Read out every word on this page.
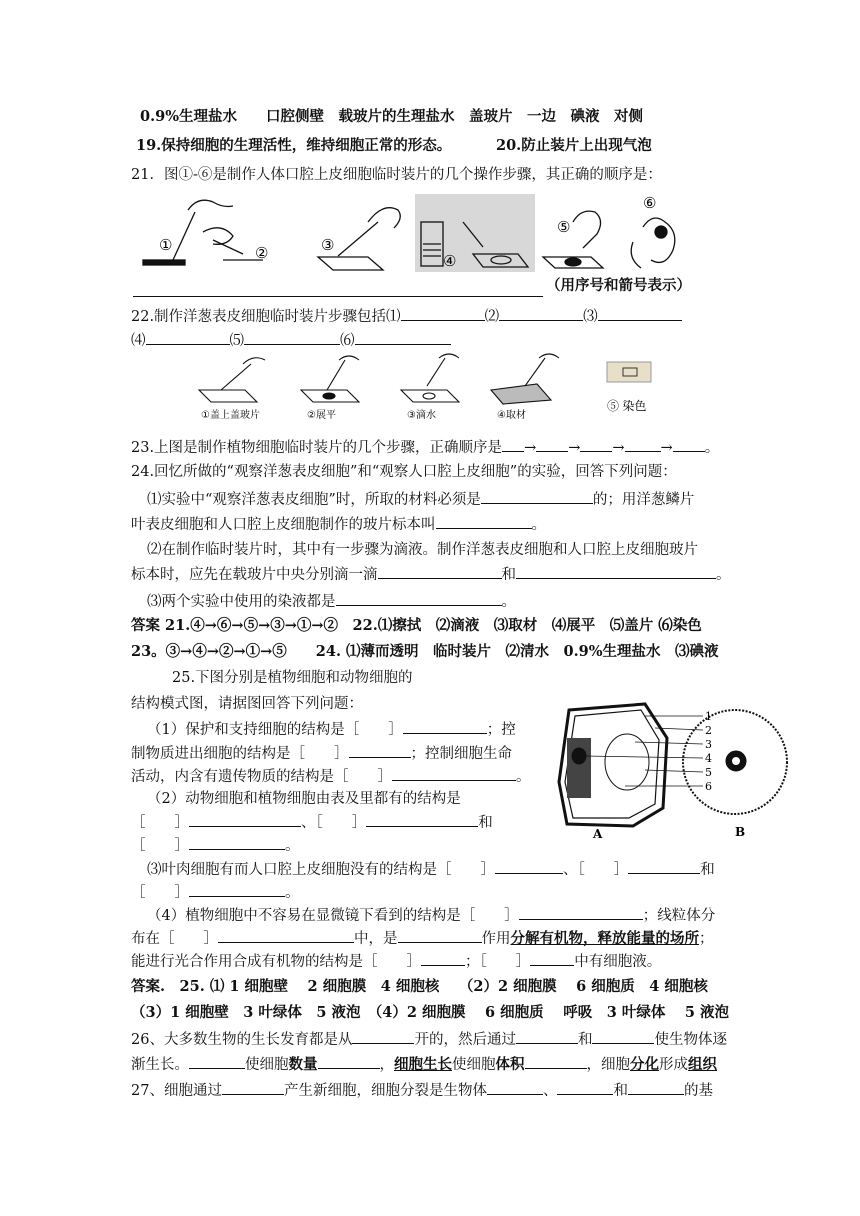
0.9%生理盐水　　口腔侧壁　载玻片的生理盐水　盖玻片　一边　碘液　对侧
19.保持细胞的生理活性，维持细胞正常的形态。	20.防止装片上出现气泡
21．图①-⑥是制作人体口腔上皮细胞临时装片的几个操作步骤，其正确的顺序是：
①	②	③
④
⑤
⑥
（用序号和箭号表示）
22.制作洋葱表皮细胞临时装片步骤包括⑴	⑵	⑶
⑷	⑸	⑹
①盖上盖玻片	②展平	③滴水	④取材
⑤ 染色
23.上图是制作植物细胞临时装片的几个步骤，正确顺序是 → → → → 。
24.回忆所做的“观察洋葱表皮细胞”和“观察人口腔上皮细胞”的实验，回答下列问题：
⑴实验中“观察洋葱表皮细胞”时，所取的材料必须是	的；用洋葱鳞片
叶表皮细胞和人口腔上皮细胞制作的玻片标本叫	。
⑵在制作临时装片时，其中有一步骤为滴液。制作洋葱表皮细胞和人口腔上皮细胞玻片
标本时，应先在载玻片中央分别滴一滴	和	。
⑶两个实验中使用的染液都是	。
答案 21.④→⑥→⑤→③→①→②　22.⑴擦拭　⑵滴液　⑶取材　⑷展平　⑸盖片 ⑹染色
23。③→④→②→①→⑤　　24. ⑴薄而透明　临时装片　⑵清水　0.9%生理盐水　⑶碘液
25.下图分别是植物细胞和动物细胞的
结构模式图，请据图回答下列问题：
1
2
3
4
5
6
A	B
（1）保护和支持细胞的结构是［　　］	；控
制物质进出细胞的结构是［　　］	；控制细胞生命
活动，内含有遗传物质的结构是［　　］	。
（2）动物细胞和植物细胞由表及里都有的结构是
［　　］	、［　　］	和
［　　］	。
⑶叶肉细胞有而人口腔上皮细胞没有的结构是［　　］	、［　　］	和
［　　］	。
（4）植物细胞中不容易在显微镜下看到的结构是［　　］	；线粒体分
布在［　　］	中，是	作用分解有机物，释放能量的场所；
能进行光合作用合成有机物的结构是［　　］	；［　　］	中有细胞液。
答案.　25. ⑴ 1 细胞壁　 2 细胞膜　4 细胞核　 （2）2 细胞膜　 6 细胞质　4 细胞核
（3）1 细胞壁　3 叶绿体　5 液泡　（4）2 细胞膜　 6 细胞质　 呼吸　3 叶绿体　 5 液泡
26、大多数生物的生长发育都是从	开的，然后通过	和	使生物体逐
渐生长。	使细胞数量	，细胞生长使细胞体积	，细胞分化形成组织
27、细胞通过	产生新细胞，细胞分裂是生物体	、	和	的基
